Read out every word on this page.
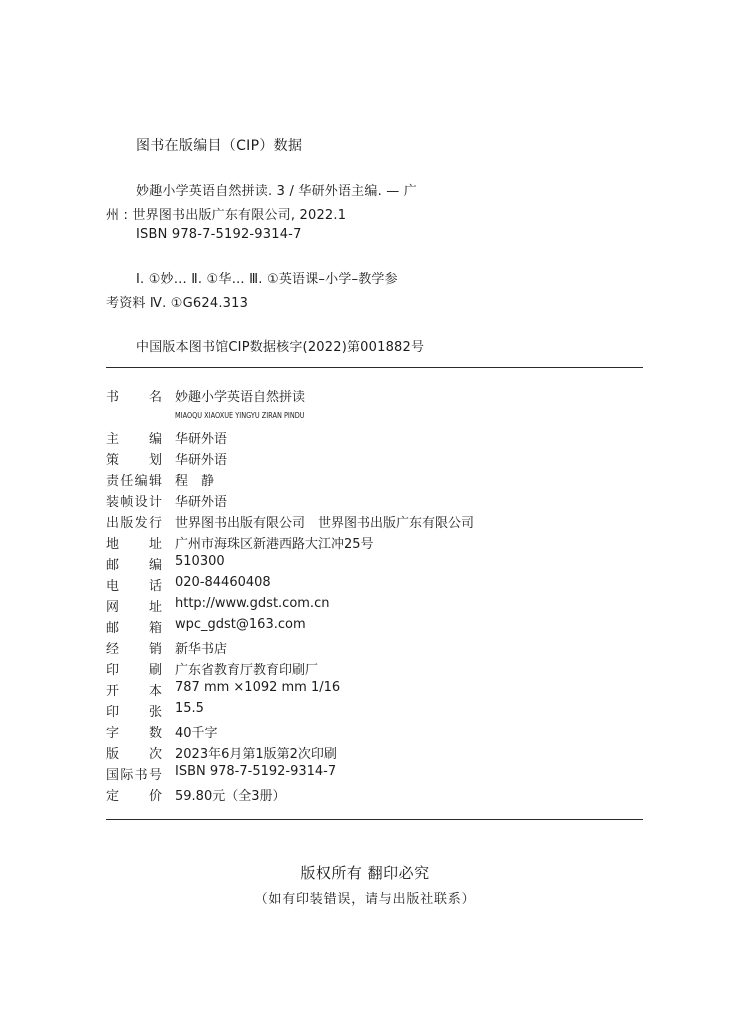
图书在版编目（CIP）数据
妙趣小学英语自然拼读. 3 / 华研外语主编. — 广
州 : 世界图书出版广东有限公司, 2022.1
ISBN 978-7-5192-9314-7
Ⅰ. ①妙… Ⅱ. ①华… Ⅲ. ①英语课–小学–教学参
考资料 Ⅳ. ①G624.313
中国版本图书馆CIP数据核字(2022)第001882号
书 名 妙趣小学英语自然拼读
主 编 华研外语
策 划 华研外语
责 任 编 辑 程　静
装 帧 设 计 华研外语
出 版 发 行 世界图书出版有限公司　世界图书出版广东有限公司
地 址 广州市海珠区新港西路大江冲25号
邮 编 510300
电 话 020-84460408
网 址 http://www.gdst.com.cn
邮 箱 wpc_gdst@163.com
经 销 新华书店
印 刷 广东省教育厅教育印刷厂
开 本 787 mm ×1092 mm 1/16
印 张 15.5
字 数 40千字
版 次 2023年6月第1版第2次印刷
国 际 书 号 ISBN 978-7-5192-9314-7
定 价 59.80元（全3册）
MIAOQU XIAOXUE YINGYU ZIRAN PINDU
版权所有 翻印必究
（如有印装错误，请与出版社联系）
